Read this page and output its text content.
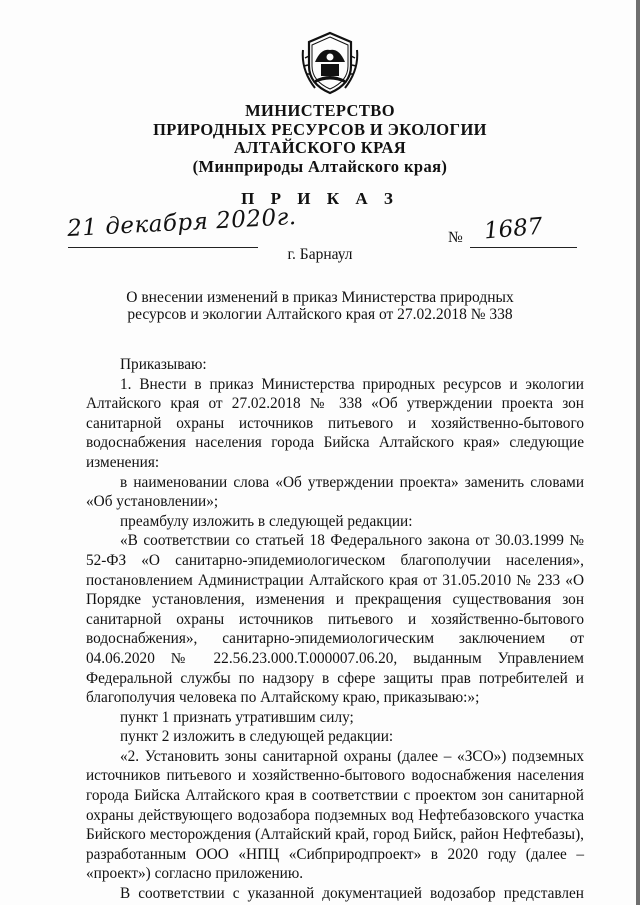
МИНИСТЕРСТВО
ПРИРОДНЫХ РЕСУРСОВ И ЭКОЛОГИИ
АЛТАЙСКОГО КРАЯ
(Минприроды Алтайского края)
П Р И К А З
21 декабря 2020г.	№ 1687
г. Барнаул
О внесении изменений в приказ Министерства природных
ресурсов и экологии Алтайского края от 27.02.2018 № 338

Приказываю:

1. Внести в приказ Министерства природных ресурсов и экологии Алтайского края от 27.02.2018 № 338 «Об утверждении проекта зон санитарной охраны источников питьевого и хозяйственно-бытового водоснабжения населения города Бийска Алтайского края» следующие изменения:

в наименовании слова «Об утверждении проекта» заменить словами «Об установлении»;

преамбулу изложить в следующей редакции:

«В соответствии со статьей 18 Федерального закона от 30.03.1999 № 52-ФЗ «О санитарно-эпидемиологическом благополучии населения», постановлением Администрации Алтайского края от 31.05.2010 № 233 «О Порядке установления, изменения и прекращения существования зон санитарной охраны источников питьевого и хозяйственно-бытового водоснабжения», санитарно-эпидемиологическим заключением от 04.06.2020 № 22.56.23.000.Т.000007.06.20, выданным Управлением Федеральной службы по надзору в сфере защиты прав потребителей и благополучия человека по Алтайскому краю, приказываю:»;

пункт 1 признать утратившим силу;

пункт 2 изложить в следующей редакции:

«2. Установить зоны санитарной охраны (далее – «ЗСО») подземных источников питьевого и хозяйственно-бытового водоснабжения населения города Бийска Алтайского края в соответствии с проектом зон санитарной охраны действующего водозабора подземных вод Нефтебазовского участка Бийского месторождения (Алтайский край, город Бийск, район Нефтебазы), разработанным ООО «НПЦ «Сибприродпроект» в 2020 году (далее – «проект») согласно приложению.

В соответствии с указанной документацией водозабор представлен
